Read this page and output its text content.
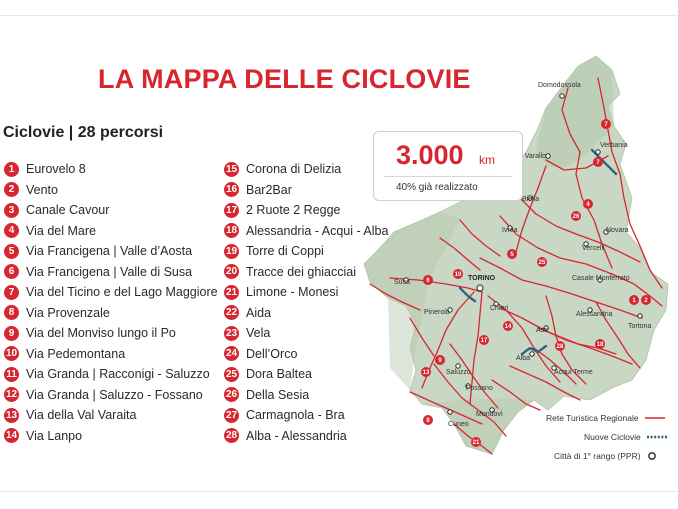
LA MAPPA DELLE CICLOVIE
Ciclovie | 28 percorsi
1 Eurovelo 8
2 Vento
3 Canale Cavour
4 Via del Mare
5 Via Francigena | Valle d’Aosta
6 Via Francigena | Valle di Susa
7 Via del Ticino e del Lago Maggiore
8 Via Provenzale
9 Via del Monviso lungo il Po
10 Via Pedemontana
11 Via Granda | Racconigi - Saluzzo
12 Via Granda | Saluzzo - Fossano
13 Via della Val Varaita
14 Via Lanpo
15 Corona di Delizia
16 Bar2Bar
17 2 Ruote 2 Regge
18 Alessandria - Acqui - Alba
19 Torre di Coppi
20 Tracce dei ghiacciai
21 Limone - Monesi
22 Aida
23 Vela
24 Dell’Orco
25 Dora Baltea
26 Della Sesia
27 Carmagnola - Bra
28 Alba - Alessandria
7
7
1 2
6
4
5
8
9
10
13
14
17
18
21
26
28
25
Domodossola
Verbania
Varallo
Biella
Ivrea	Novara
Vercelli
TORINO
Susa
Casale Monferrato
Chieri
Pinerolo
Asti
Alessandria
Tortona
Alba
Acqui Terme
Saluzzo
Fossano
Cuneo
Mondovì
3.000 km
40% già realizzato
Rete Turistica Regionale
Nuove Ciclovie
Città di 1° rango (PPR)
